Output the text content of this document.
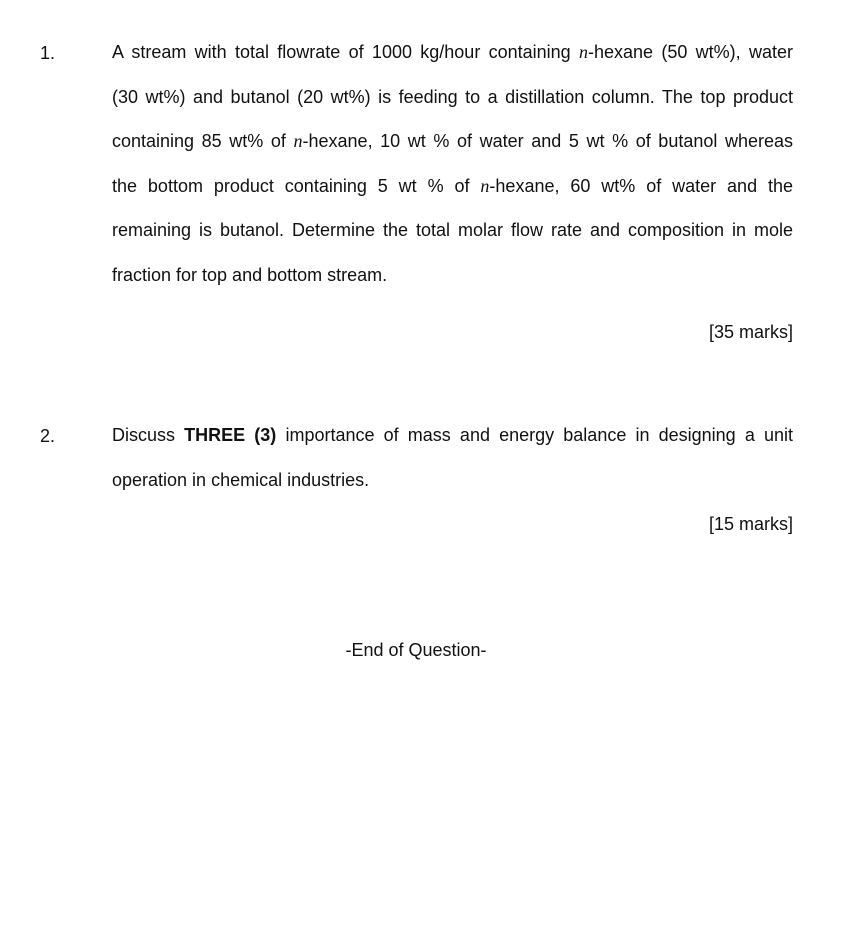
1.	A stream with total flowrate of 1000 kg/hour containing n-hexane (50 wt%), water
(30 wt%) and butanol (20 wt%) is feeding to a distillation column. The top product
containing 85 wt% of n-hexane, 10 wt % of water and 5 wt % of butanol whereas
the bottom product containing 5 wt % of n-hexane, 60 wt% of water and the
remaining is butanol. Determine the total molar flow rate and composition in mole
fraction for top and bottom stream.
[35 marks]
2.	Discuss THREE (3) importance of mass and energy balance in designing a unit
operation in chemical industries.
[15 marks]
-End of Question-
